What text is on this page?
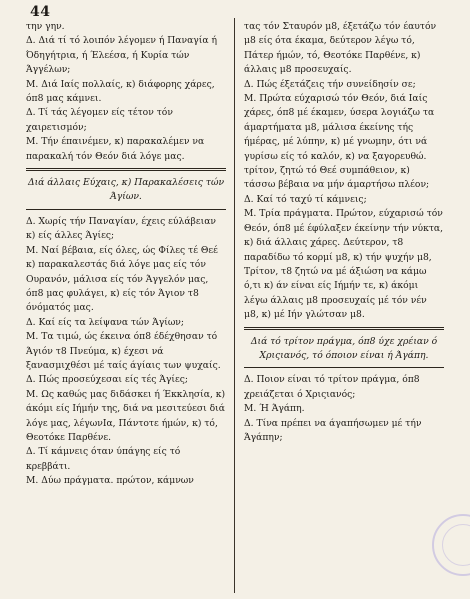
44
την γην.
Δ. Διά τί τό λοιπόν λέγομεν ή Παναγία ή Όδηγήτρια, ή Έλεέσα, ή Κυρία τών Άγγέλων;
Μ. Διά Ιαίς πολλαίς, κ) διάφορης χάρες, όπ8 μας κάμνει.
Δ. Τί τάς λέγομεν είς τέτον τόν χαιρετισμόν;
Μ. Τήν έπαινέμεν, κ) παρακαλέμεν να παρακαλή τόν Θεόν διά λόγε μας.
Διά άλλαις Εύχαις, κ) Παρακαλέσεις τών Άγίων.
Δ. Χωρίς τήν Παναγίαν, έχεις εύλάβειαν κ) είς άλλες Άγίες;
Μ. Ναί βέβαια, είς όλες, ώς Φίλες τέ Θεέ κ) παρακαλεστάς διά λόγε μας είς τόν Ουρανόν, μάλισα είς τόν Άγγελόν μας, όπ8 μας φυλάγει, κ) είς τόν Άγιον τ8 όνόματός μας.
Δ. Καί είς τα λείψανα τών Άγίων;
Μ. Τα τιμώ, ώς έκεινα όπ8 έδέχθησαν τό Άγιόν τ8 Πνεύμα, κ) έχεσι νά ξανασμιχθέσι μέ ταίς άγίαις των ψυχαίς.
Δ. Πώς προσεύχεσαι είς τές Άγίες;
Μ. Ως καθώς μας διδάσκει ή Έκκλησία, κ) άκόμι είς Ιήμήν της, διά να μεσιτεύεσι διά λόγε μας, λέγωνΙα, Πάντοτε ήμών, κ) τό, Θεοτόκε Παρθένε.
Δ. Τί κάμνεις όταν ύπάγης είς τό κρεββάτι.
Μ. Δύω πράγματα. πρώτον, κάμνων
τας τόν Σταυρόν μ8, έξετάζω τόν έαυτόν μ8 είς ότα έκαμα, δεύτερον λέγω τό, Πάτερ ήμών, τό, Θεοτόκε Παρθένε, κ) άλλαις μ8 προσευχαίς.
Δ. Πώς έξετάζεις τήν συνείδησίν σε;
Μ. Πρώτα εύχαρισώ τόν Θεόν, διά Ιαίς χάρες, όπ8 μέ έκαμεν, ύσερα λογιάζω τα άμαρτήματα μ8, μάλισα έκείνης τής ήμέρας, μέ λύπην, κ) μέ γνωμην, ότι νά γυρίσω είς τό καλόν, κ) να ξαγορευθώ. τρίτον, ζητώ τό Θεέ συμπάθειον, κ) τάσσω βέβαια να μήν άμαρτήσω πλέον;
Δ. Καί τό ταχύ τί κάμνεις;
Μ. Τρία πράγματα. Πρώτον, εύχαρισώ τόν Θεόν, όπ8 μέ έφύλαξεν έκείνην τήν νύκτα, κ) διά άλλαις χάρες. Δεύτερον, τ8 παραδίδω τό κορμί μ8, κ) τήν ψυχήν μ8, Τρίτον, τ8 ζητώ να μέ άξιώση να κάμω ό,τι κ) άν είναι είς Ιήμήν τε, κ) άκόμι λέγω άλλαις μ8 προσευχαίς μέ τόν νέν μ8, κ) μέ Ιήν γλώτσαν μ8.
Διά τό τρίτον πράγμα, όπ8 ύχε χρέιαν ό Χριςιανός, τό όποιον είναι ή Άγάπη.
Δ. Ποιον είναι τό τρίτον πράγμα, όπ8 χρειάζεται ό Χριςιανός;
Μ. Ή Άγάπη.
Δ. Τίνα πρέπει να άγαπήσωμεν μέ τήν Άγάπην;
